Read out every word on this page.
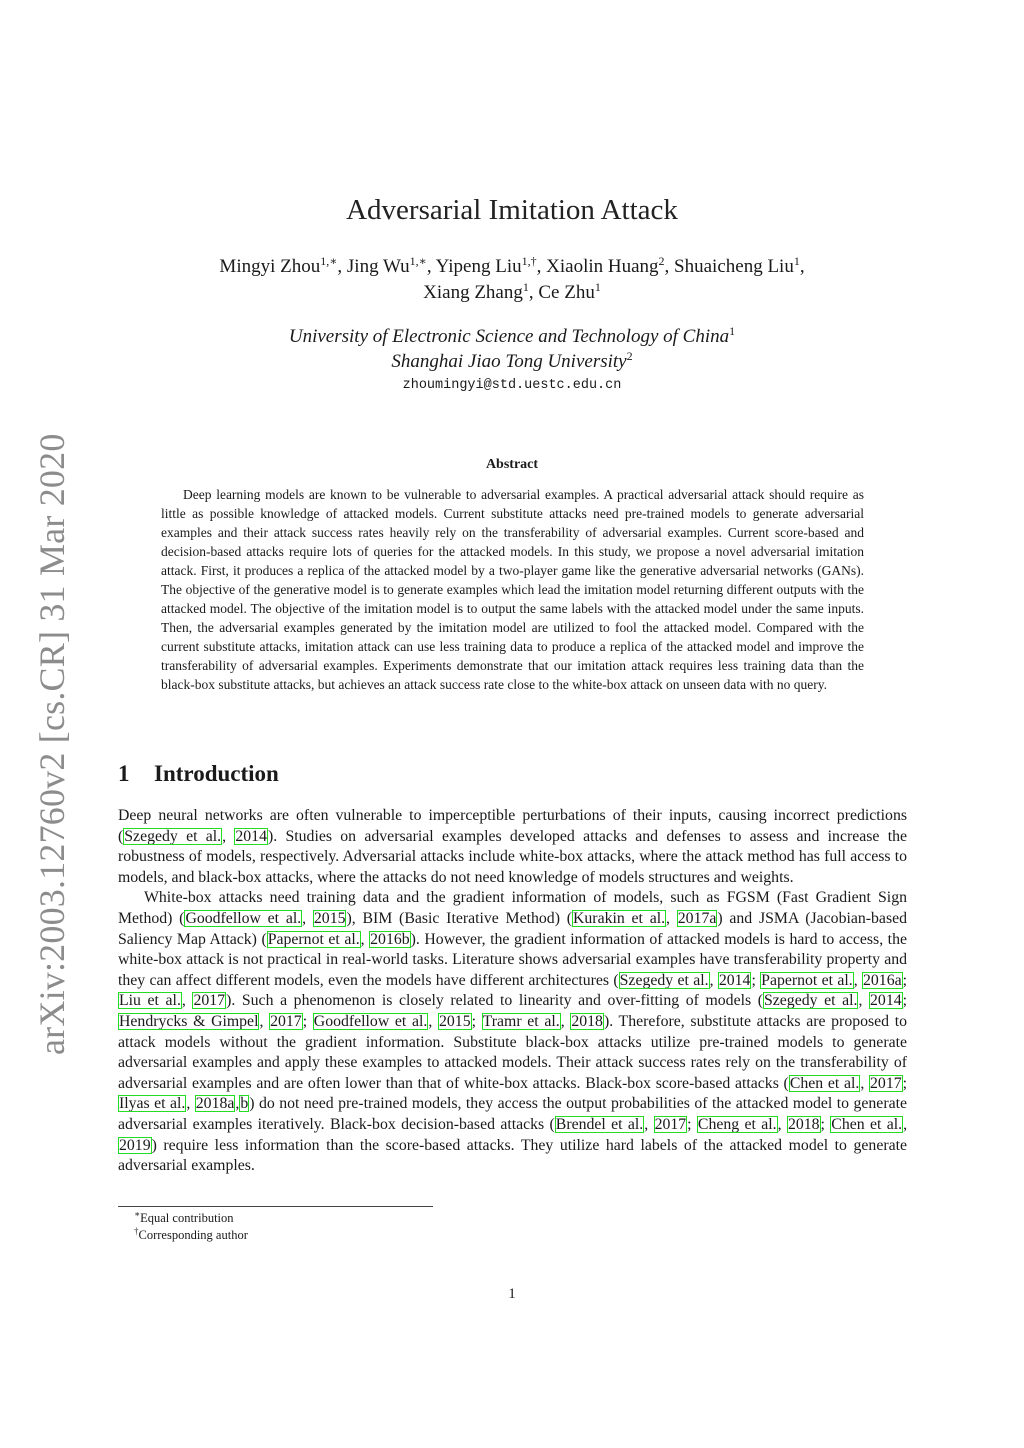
arXiv:2003.12760v2 [cs.CR] 31 Mar 2020
Adversarial Imitation Attack
Mingyi Zhou$^{1,∗}$, Jing $Wu^{1,∗}$, Yipeng Liu$^{1,\dagger}$, Xiaolin Huang$^2$, Shuaicheng Liu$^1$,
Xiang Zhang$^1$, Ce Zhu$^1$
University of Electronic Science and Technology of China$^1$
Shanghai Jiao Tong University$^2$
zhoumingyi@std.uestc.edu.cn
Abstract

Deep learning models are known to be vulnerable to adversarial examples. A practical adversarial attack should require as little as possible knowledge of attacked models. Current substitute attacks need pre-trained models to generate adversarial examples and their attack success rates heavily rely on the transferability of adversarial examples. Current score-based and decision-based attacks require lots of queries for the attacked models. In this study, we propose a novel adversarial imitation attack. First, it produces a replica of the attacked model by a two-player game like the generative adversarial networks (GANs). The objective of the generative model is to generate examples which lead the imitation model returning different outputs with the attacked model. The objective of the imitation model is to output the same labels with the attacked model under the same inputs. Then, the adversarial examples generated by the imitation model are utilized to fool the attacked model. Compared with the current substitute attacks, imitation attack can use less training data to produce a replica of the attacked model and improve the transferability of adversarial examples. Experiments demonstrate that our imitation attack requires less training data than the black-box substitute attacks, but achieves an attack success rate close to the white-box attack on unseen data with no query.

1 Introduction

Deep neural networks are often vulnerable to imperceptible perturbations of their inputs, causing incorrect predictions (Szegedy et al., 2014). Studies on adversarial examples developed attacks and defenses to assess and increase the robustness of models, respectively. Adversarial attacks include white-box attacks, where the attack method has full access to models, and black-box attacks, where the attacks do not need knowledge of models structures and weights.

White-box attacks need training data and the gradient information of models, such as FGSM (Fast Gradient Sign Method) (Goodfellow et al., 2015), BIM (Basic Iterative Method) (Kurakin et al., 2017a) and JSMA (Jacobian-based Saliency Map Attack) (Papernot et al., 2016b). However, the gradient information of attacked models is hard to access, the white-box attack is not practical in real-world tasks. Literature shows adversarial examples have transferability property and they can affect different models, even the models have different architectures (Szegedy et al., 2014; Papernot et al., 2016a; Liu et al., 2017). Such a phenomenon is closely related to linearity and over-fitting of models (Szegedy et al., 2014; Hendrycks & Gimpel, 2017; Goodfellow et al., 2015; Tramr et al., 2018). Therefore, substitute attacks are proposed to attack models without the gradient information. Substitute black-box attacks utilize pre-trained models to generate adversarial examples and apply these examples to attacked models. Their attack success rates rely on the transferability of adversarial examples and are often lower than that of white-box attacks. Black-box score-based attacks (Chen et al., 2017; Ilyas et al., 2018a,b) do not need pre-trained models, they access the output probabilities of the attacked model to generate adversarial examples iteratively. Black-box decision-based attacks (Brendel et al., 2017; Cheng et al., 2018; Chen et al., 2019) require less information than the score-based attacks. They utilize hard labels of the attacked model to generate adversarial examples.

∗Equal contribution
†Corresponding author
1
